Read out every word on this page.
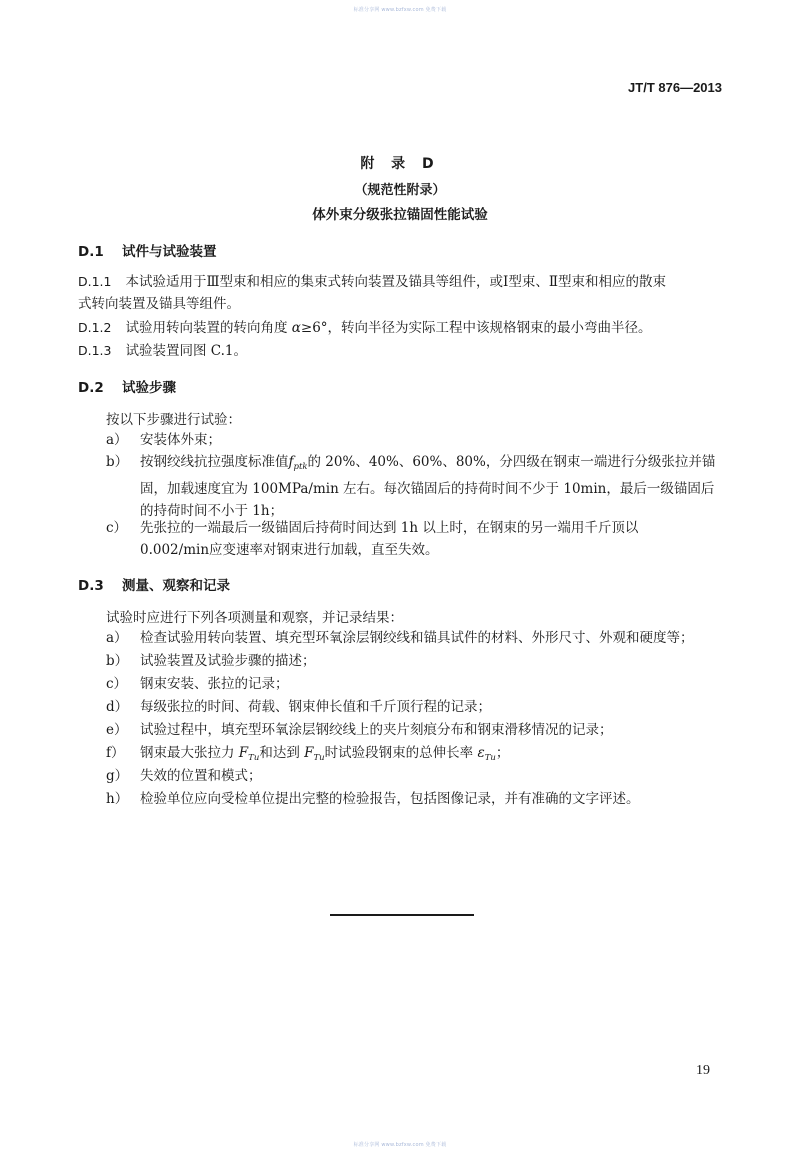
标准分享网 www.bzfxw.com 免费下载
JT/T 876—2013
附 录 D
（规范性附录）
体外束分级张拉锚固性能试验
D.1 试件与试验装置
D.1.1 本试验适用于Ⅲ型束和相应的集束式转向装置及锚具等组件，或Ⅰ型束、Ⅱ型束和相应的散束
式转向装置及锚具等组件。
D.1.2 试验用转向装置的转向角度 α≥6°，转向半径为实际工程中该规格钢束的最小弯曲半径。
D.1.3 试验装置同图 C.1。
D.2 试验步骤
按以下步骤进行试验：
a） 安装体外束；
b） 按钢绞线抗拉强度标准值$f_{ptk}$的 20%、40%、60%、80%，分四级在钢束一端进行分级张拉并锚
固，加载速度宜为 100MPa/min 左右。每次锚固后的持荷时间不少于 10min，最后一级锚固后
的持荷时间不小于 1h；
c） 先张拉的一端最后一级锚固后持荷时间达到 1h 以上时，在钢束的另一端用千斤顶以
0.002/min应变速率对钢束进行加载，直至失效。
D.3 测量、观察和记录
试验时应进行下列各项测量和观察，并记录结果：
a） 检查试验用转向装置、填充型环氧涂层钢绞线和锚具试件的材料、外形尺寸、外观和硬度等；
b） 试验装置及试验步骤的描述；
c） 钢束安装、张拉的记录；
d） 每级张拉的时间、荷载、钢束伸长值和千斤顶行程的记录；
e） 试验过程中，填充型环氧涂层钢绞线上的夹片刻痕分布和钢束滑移情况的记录；
f）	钢束最大张拉力 $F_{Tu}$和达到 $F_{Tu}$时试验段钢束的总伸长率 $\varepsilon_{Tu}$；
g） 失效的位置和模式；
h） 检验单位应向受检单位提出完整的检验报告，包括图像记录，并有准确的文字评述。
19
标准分享网 www.bzfxw.com 免费下载
